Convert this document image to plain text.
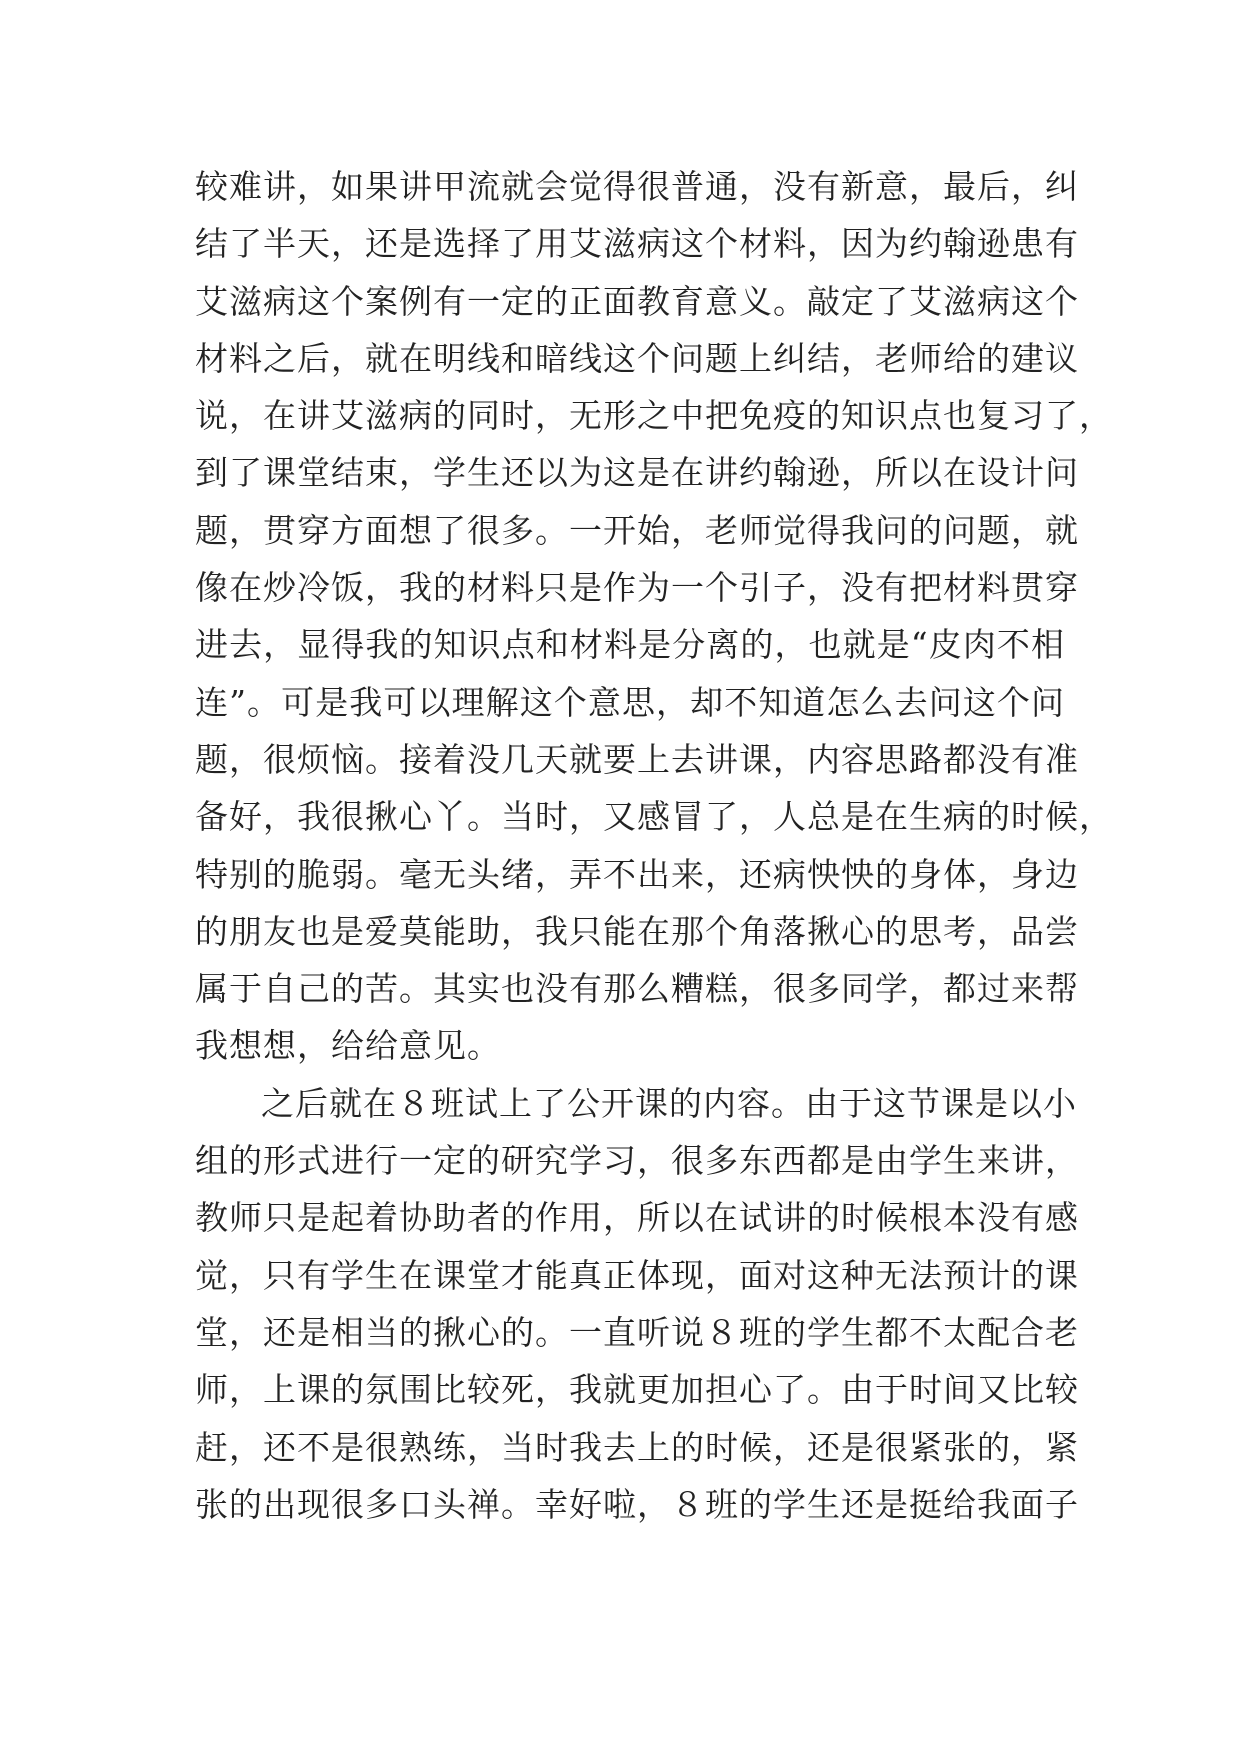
较难讲，如果讲甲流就会觉得很普通，没有新意，最后，纠
结了半天，还是选择了用艾滋病这个材料，因为约翰逊患有
艾滋病这个案例有一定的正面教育意义。敲定了艾滋病这个
材料之后，就在明线和暗线这个问题上纠结，老师给的建议
说，在讲艾滋病的同时，无形之中把免疫的知识点也复习了，
到了课堂结束，学生还以为这是在讲约翰逊，所以在设计问
题，贯穿方面想了很多。一开始，老师觉得我问的问题，就
像在炒冷饭，我的材料只是作为一个引子，没有把材料贯穿
进去，显得我的知识点和材料是分离的，也就是“皮肉不相
连”。可是我可以理解这个意思，却不知道怎么去问这个问
题，很烦恼。接着没几天就要上去讲课，内容思路都没有准
备好，我很揪心丫。当时，又感冒了，人总是在生病的时候，
特别的脆弱。毫无头绪，弄不出来，还病怏怏的身体，身边
的朋友也是爱莫能助，我只能在那个角落揪心的思考，品尝
属于自己的苦。其实也没有那么糟糕，很多同学，都过来帮
我想想，给给意见。
之后就在８班试上了公开课的内容。由于这节课是以小
组的形式进行一定的研究学习，很多东西都是由学生来讲，
教师只是起着协助者的作用，所以在试讲的时候根本没有感
觉，只有学生在课堂才能真正体现，面对这种无法预计的课
堂，还是相当的揪心的。一直听说８班的学生都不太配合老
师，上课的氛围比较死，我就更加担心了。由于时间又比较
赶，还不是很熟练，当时我去上的时候，还是很紧张的，紧
张的出现很多口头禅。幸好啦，８班的学生还是挺给我面子
